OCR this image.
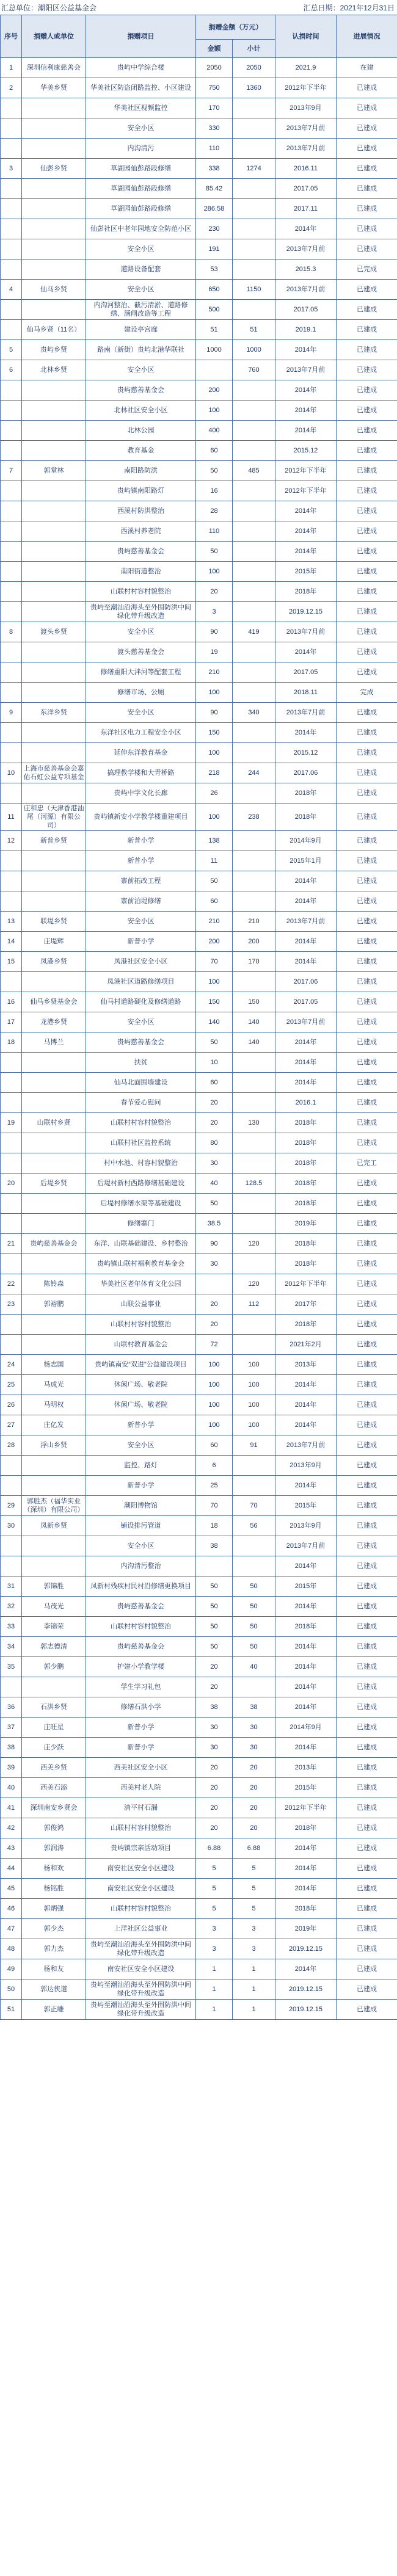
汇总单位：潮阳区公益基金会	汇总日期：2021年12月31日
序号	捐赠人或单位	捐赠项目	捐赠金额（万元）		认捐时间	进展情况
			金额	小计		
1	深圳信利康慈善会	贵屿中学综合楼	2050	2050	2021.9	在建
2	华美乡贤	华美社区防盗闭路监控、小区建设	750	1360	2012年下半年	已建成
		华美社区视频监控	170		2013年9月	已建成
		安全小区	330		2013年7月前	已建成
		内沟清污	110		2013年7月前	已建成
3	仙彭乡贤	草湖园仙彭路段修缮	338	1274	2016.11	已建成
		草湖园仙彭路段修缮	85.42		2017.05	已建成
		草湖园仙彭路段修缮	286.58		2017.11	已建成
		仙彭社区中老年园地安全防范小区	230		2014年	已建成
		安全小区	191		2013年7月前	已建成
		道路设备配套	53		2015.3	已完成
4	仙马乡贤	安全小区	650	1150	2013年7月前	已建成
		内沟河整治、截污清淤、道路修缮、涵闸改造等工程	500		2017.05	已建成
	仙马乡贤（11名）	建设亭宫廊	51	51	2019.1	已建成
5	贵屿乡贤	路南（新街）贵屿北港华联社	1000	1000	2014年	已建成
6	北林乡贤	安全小区		760	2013年7月前	已建成
		贵屿慈善基金会	200		2014年	已建成
		北林社区安全小区	100		2014年	已建成
		北林公园	400		2014年	已建成
		教育基金	60		2015.12	已建成
7	郭堂林	南阳路防洪	50	485	2012年下半年	已建成
		贵屿镇南阳路灯	16		2012年下半年	已建成
		西溪村防洪整治	28		2014年	已建成
		西溪村养老院	110		2014年	已建成
		贵屿慈善基金会	50		2014年	已建成
		南阳街道整治	100		2015年	已建成
		山联村村容村貌整治	20		2018年	已建成
		贵屿至潮汕沿海头至外围防洪中间绿化带升级改造	3		2019.12.15	已建成
8	渡头乡贤	安全小区	90	419	2013年7月前	已建成
		渡头慈善基金会	19		2014年	已建成
		修缮重阳大泮河等配套工程	210		2017.05	已建成
		修缮市场、公厕	100		2018.11	完成
9	东洋乡贤	安全小区	90	340	2013年7月前	已建成
		东洋社区电力工程安全小区	150		2014年	已建成
		延伸东洋教育基金	100		2015.12	已建成
10	上海市慈善基金会嘉佑石虹公益专项基金	搞理教学楼和大青桥路	218	244	2017.06	已建成
		贵屿中学文化长廊	26		2018年	已建成
11	庄和忠（天津香港汕尾（河源）有限公司）	贵屿镇新安小学教学楼重建项目	100	238	2018年	已建成
12	新普乡贤	新普小学	138		2014年9月	已建成
		新普小学	11		2015年1月	已建成
		寨前拓改工程	50		2014年	已建成
		寨前泊堤修缮	60		2014年	已建成
13	联堤乡贤	安全小区	210	210	2013年7月前	已建成
14	庄堤辉	新普小学	200	200	2014年	已建成
15	凤港乡贤	凤港社区安全小区	70	170	2014年	已建成
		凤港社区道路修缮项目	100		2017.06	已建成
16	仙马乡贤基金会	仙马村道路硬化及修缮道路	150	150	2017.05	已建成
17	龙港乡贤	安全小区	140	140	2013年7月前	已建成
18	马博兰	贵屿慈善基金会	50	140	2014年	已建成
		扶贫	10		2014年	已建成
		仙马北面围墙建设	60		2014年	已建成
		春节爱心慰问	20		2016.1	已建成
19	山联村乡贤	山联村村容村貌整治	20	130	2018年	已建成
		山联村社区监控系统	80		2018年	已建成
		村中水池、村容村貌整治	30		2018年	已完工
20	后堤乡贤	后堤村新村西路修缮基础建设	40	128.5	2018年	已建成
		后堤村修缮水渠等基础建设	50		2018年	已建成
		修缮寨门	38.5		2019年	已建成
21	贵屿慈善基金会	东洋、山联基础建设、乡村整治	90	120	2018年	已建成
		贵屿镇山联村福利教育基金会	30		2018年	已建成
22	陈铃森	华美社区老年体育文化公园		120	2012年下半年	已建成
23	郭裕鹏	山联公益事业	20	112	2017年	已建成
		山联村村容村貌整治	20		2018年	已建成
		山联村教育基金会	72		2021年2月	已建成
24	杨志国	贵屿镇南安“双进”公益建设项目	100	100	2013年	已建成
25	马成光	休闲广场、敬老院	100	100	2014年	已建成
26	马明权	休闲广场、敬老院	100	100	2014年	已建成
27	庄亿发	新普小学	100	100	2014年	已建成
28	浮山乡贤	安全小区	60	91	2013年7月前	已建成
		监控、路灯	6		2013年9月	已建成
		新普小学	25		2014年	已建成
29	郭胜杰（福华实业（深圳）有限公司）	潮阳博物馆	70	70	2015年	已建成
30	凤新乡贤	铺设排污管道	18	56	2013年9月	已建成
		安全小区	38		2013年7月前	已建成
		内沟清污整治			2014年	已建成
31	郭锦胜	凤新村残疾村民村沿修缮更换项目	50	50	2015年	已建成
32	马茂光	贵屿慈善基金会	50	50	2014年	已建成
33	李锦荣	山联村村容村貌整治	50	50	2018年	已建成
34	郭志德清	贵屿慈善基金会	50	50	2014年	已建成
35	郭少鹏	护建小学教学楼	20	40	2014年	已建成
		学生学习礼包	20		2014年	已建成
36	石洪乡贤	修缮石洪小学	38	38	2014年	已建成
37	庄旺星	新普小学	30	30	2014年9月	已建成
38	庄少跃	新普小学	30	30	2014年	已建成
39	西美乡贤	西美社区安全小区	20	20	2013年	已建成
40	西美石添	西美村老人院	20	20	2015年	已建成
41	深圳南安乡贤会	清平村石漏	20	20	2012年下半年	已建成
42	郭俊鸿	山联村村容村貌整治	20	20	2018年	已建成
43	郭润涛	贵屿镇宗亲活动项目	6.88	6.88	2014年	已建成
44	杨和欢	南安社区安全小区建设	5	5	2014年	已建成
45	杨铭胜	南安社区安全小区建设	5	5	2014年	已建成
46	郭炳强	山联村村容村貌整治	5	5	2018年	已建成
47	郭少杰	上洋社区公益事业	3	3	2019年	已建成
48	郭力杰	贵屿至潮汕沿海头至外围防洪中间绿化带升级改造	3	3	2019.12.15	已建成
49	杨和友	南安社区安全小区建设	1	1	2014年	已建成
50	郭达侠道	贵屿至潮汕沿海头至外围防洪中间绿化带升级改造	1	1	2019.12.15	已建成
51	郭正雕	贵屿至潮汕沿海头至外围防洪中间绿化带升级改造	1	1	2019.12.15	已建成
